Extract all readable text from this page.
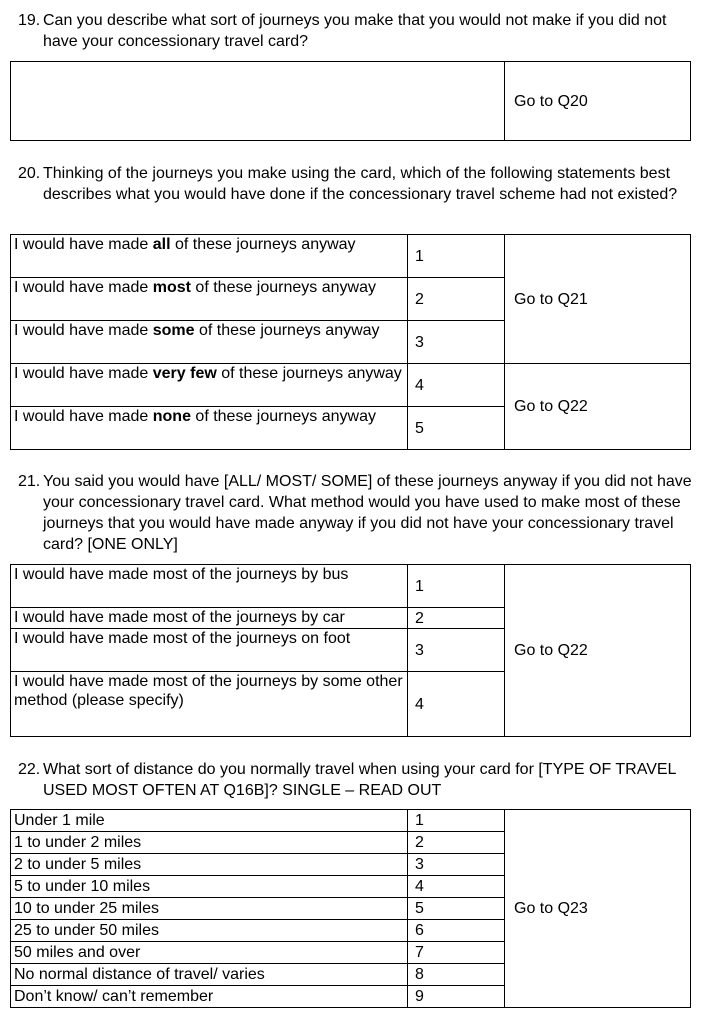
19. Can you describe what sort of journeys you make that you would not make if you did not have your concessionary travel card?
	Go to Q20
20. Thinking of the journeys you make using the card, which of the following statements best describes what you would have done if the concessionary travel scheme had not existed?
I would have made all of these journeys anyway	1	Go to Q21
I would have made most of these journeys anyway	2	
I would have made some of these journeys anyway	3	
I would have made very few of these journeys anyway	4	Go to Q22
I would have made none of these journeys anyway	5	
21. You said you would have [ALL/ MOST/ SOME] of these journeys anyway if you did not have your concessionary travel card. What method would you have used to make most of these journeys that you would have made anyway if you did not have your concessionary travel card? [ONE ONLY]
I would have made most of the journeys by bus	1	Go to Q22
I would have made most of the journeys by car	2	
I would have made most of the journeys on foot	3	
I would have made most of the journeys by some other method (please specify)	4	
22. What sort of distance do you normally travel when using your card for [TYPE OF TRAVEL USED MOST OFTEN AT Q16B]? SINGLE – READ OUT
Under 1 mile	1	Go to Q23
1 to under 2 miles	2	
2 to under 5 miles	3	
5 to under 10 miles	4	
10 to under 25 miles	5	
25 to under 50 miles	6	
50 miles and over	7	
No normal distance of travel/ varies	8	
Don’t know/ can’t remember	9	
